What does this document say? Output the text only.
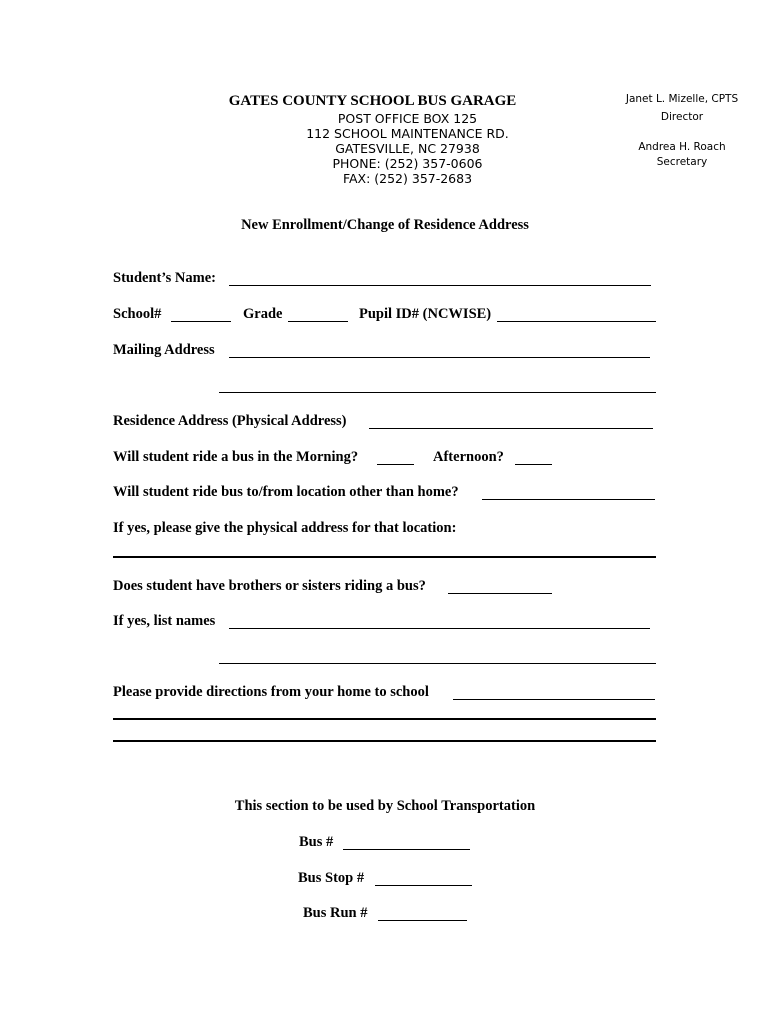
GATES COUNTY SCHOOL BUS GARAGE
POST OFFICE BOX 125
112 SCHOOL MAINTENANCE RD.
GATESVILLE, NC 27938
PHONE: (252) 357-0606
FAX: (252) 357-2683
Janet L. Mizelle, CPTS
Director
Andrea H. Roach
Secretary
New Enrollment/Change of Residence Address
Student’s Name:
School#	Grade	Pupil ID# (NCWISE)
Mailing Address
Residence Address (Physical Address)
Will student ride a bus in the Morning?	Afternoon?
Will student ride bus to/from location other than home?
If yes, please give the physical address for that location:
Does student have brothers or sisters riding a bus?
If yes, list names
Please provide directions from your home to school
This section to be used by School Transportation
Bus #
Bus Stop #
Bus Run #
